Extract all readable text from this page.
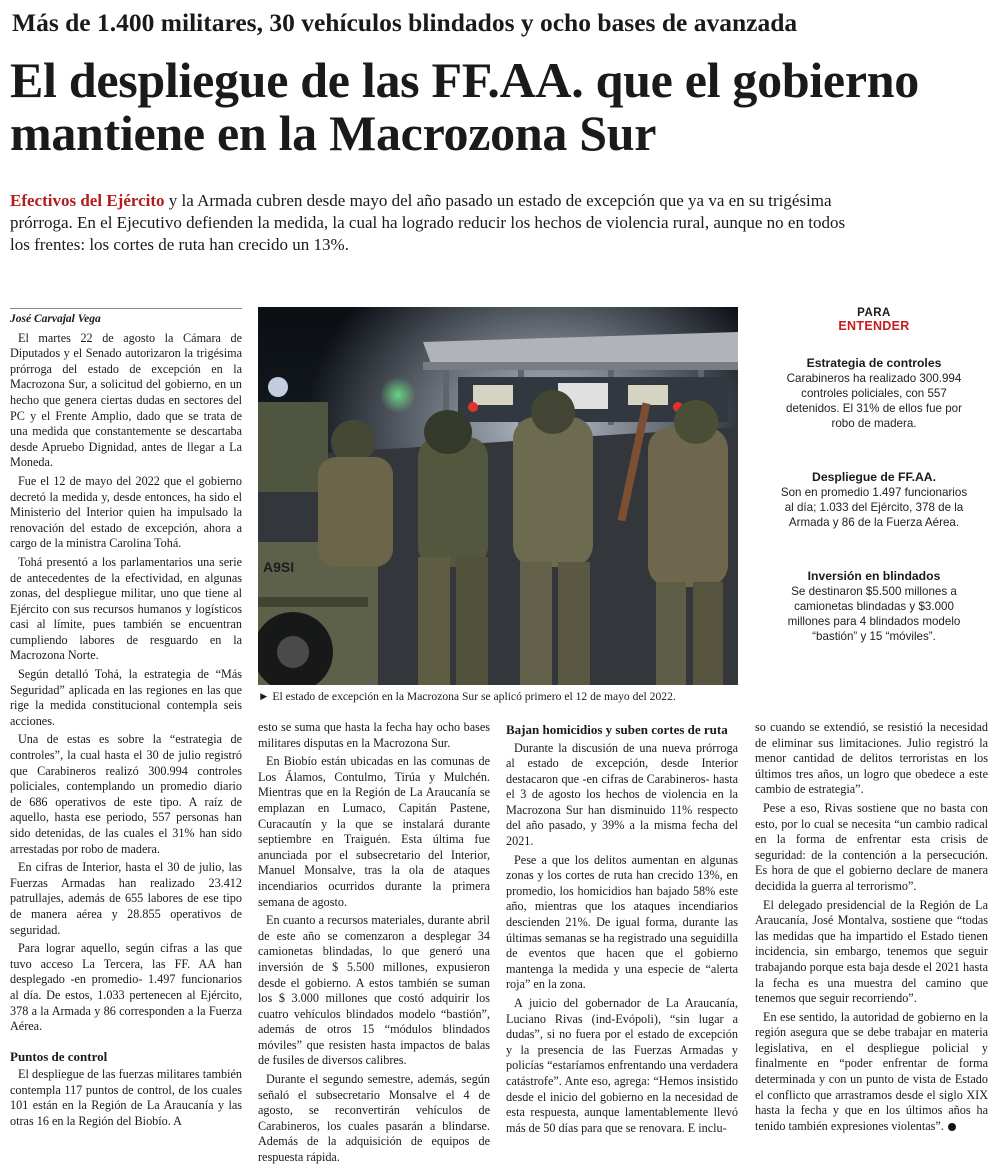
Más de 1.400 militares, 30 vehículos blindados y ocho bases de avanzada
El despliegue de las FF.AA. que el gobierno mantiene en la Macrozona Sur
Efectivos del Ejército y la Armada cubren desde mayo del año pasado un estado de excepción que ya va en su trigésima prórroga. En el Ejecutivo defienden la medida, la cual ha logrado reducir los hechos de violencia rural, aunque no en todos los frentes: los cortes de ruta han crecido un 13%.

José Carvajal Vega

El martes 22 de agosto la Cámara de Diputados y el Senado autorizaron la trigésima prórroga del estado de excepción en la Macrozona Sur, a solicitud del gobierno, en un hecho que genera ciertas dudas en sectores del PC y el Frente Amplio, dado que se trata de una medida que constantemente se descartaba desde Apruebo Dignidad, antes de llegar a La Moneda.

Fue el 12 de mayo del 2022 que el gobierno decretó la medida y, desde entonces, ha sido el Ministerio del Interior quien ha impulsado la renovación del estado de excepción, ahora a cargo de la ministra Carolina Tohá.

Tohá presentó a los parlamentarios una serie de antecedentes de la efectividad, en algunas zonas, del despliegue militar, uno que tiene al Ejército con sus recursos humanos y logísticos casi al límite, pues también se encuentran cumpliendo labores de resguardo en la Macrozona Norte.

Según detalló Tohá, la estrategia de “Más Seguridad” aplicada en las regiones en las que rige la medida constitucional contempla seis acciones.

Una de estas es sobre la “estrategia de controles”, la cual hasta el 30 de julio registró que Carabineros realizó 300.994 controles policiales, contemplando un promedio diario de 686 operativos de este tipo. A raíz de aquello, hasta ese periodo, 557 personas han sido detenidas, de las cuales el 31% han sido arrestadas por robo de madera.

En cifras de Interior, hasta el 30 de julio, las Fuerzas Armadas han realizado 23.412 patrullajes, además de 655 labores de ese tipo de manera aérea y 28.855 operativos de seguridad.

Para lograr aquello, según cifras a las que tuvo acceso La Tercera, las FF. AA han desplegado -en promedio- 1.497 funcionarios al día. De estos, 1.033 pertenecen al Ejército, 378 a la Armada y 86 corresponden a la Fuerza Aérea.

Puntos de control

El despliegue de las fuerzas militares también contempla 117 puntos de control, de los cuales 101 están en la Región de La Araucanía y las otras 16 en la Región del Biobío. A

A9SI
► El estado de excepción en la Macrozona Sur se aplicó primero el 12 de mayo del 2022.

esto se suma que hasta la fecha hay ocho bases militares disputas en la Macrozona Sur.

En Biobío están ubicadas en las comunas de Los Álamos, Contulmo, Tirúa y Mulchén. Mientras que en la Región de La Araucanía se emplazan en Lumaco, Capitán Pastene, Curacautín y la que se instalará durante septiembre en Traiguén. Esta última fue anunciada por el subsecretario del Interior, Manuel Monsalve, tras la ola de ataques incendiarios ocurridos durante la primera semana de agosto.

En cuanto a recursos materiales, durante abril de este año se comenzaron a desplegar 34 camionetas blindadas, lo que generó una inversión de $ 5.500 millones, expusieron desde el gobierno. A estos también se suman los $ 3.000 millones que costó adquirir los cuatro vehículos blindados modelo “bastión”, además de otros 15 “módulos blindados móviles” que resisten hasta impactos de balas de fusiles de diversos calibres.

Durante el segundo semestre, además, según señaló el subsecretario Monsalve el 4 de agosto, se reconvertirán vehículos de Carabineros, los cuales pasarán a blindarse. Además de la adquisición de equipos de respuesta rápida.

Bajan homicidios y suben cortes de ruta

Durante la discusión de una nueva prórroga al estado de excepción, desde Interior destacaron que -en cifras de Carabineros- hasta el 3 de agosto los hechos de violencia en la Macrozona Sur han disminuido 11% respecto del año pasado, y 39% a la misma fecha del 2021.

Pese a que los delitos aumentan en algunas zonas y los cortes de ruta han crecido 13%, en promedio, los homicidios han bajado 58% este año, mientras que los ataques incendiarios descienden 21%. De igual forma, durante las últimas semanas se ha registrado una seguidilla de eventos que hacen que el gobierno mantenga la medida y una especie de “alerta roja” en la zona.

A juicio del gobernador de La Araucanía, Luciano Rivas (ind-Evópoli), “sin lugar a dudas”, si no fuera por el estado de excepción y la presencia de las Fuerzas Armadas y policías “estaríamos enfrentando una verdadera catástrofe”. Ante eso, agrega: “Hemos insistido desde el inicio del gobierno en la necesidad de esta respuesta, aunque lamentablemente llevó más de 50 días para que se renovara. E inclu-

so cuando se extendió, se resistió la necesidad de eliminar sus limitaciones. Julio registró la menor cantidad de delitos terroristas en los últimos tres años, un logro que obedece a este cambio de estrategia”.

Pese a eso, Rivas sostiene que no basta con esto, por lo cual se necesita “un cambio radical en la forma de enfrentar esta crisis de seguridad: de la contención a la persecución. Es hora de que el gobierno declare de manera decidida la guerra al terrorismo”.

El delegado presidencial de la Región de La Araucanía, José Montalva, sostiene que “todas las medidas que ha impartido el Estado tienen incidencia, sin embargo, tenemos que seguir trabajando porque esta baja desde el 2021 hasta la fecha es una muestra del camino que tenemos que seguir recorriendo”.

En ese sentido, la autoridad de gobierno en la región asegura que se debe trabajar en materia legislativa, en el despliegue policial y finalmente en “poder enfrentar de forma determinada y con un punto de vista de Estado el conflicto que arrastramos desde el siglo XIX hasta la fecha y que en los últimos años ha tenido también expresiones violentas”.

PARA
ENTENDER
Estrategia de controles
Carabineros ha realizado 300.994 controles policiales, con 557 detenidos. El 31% de ellos fue por robo de madera.
Despliegue de FF.AA.
Son en promedio 1.497 funcionarios al día; 1.033 del Ejército, 378 de la Armada y 86 de la Fuerza Aérea.
Inversión en blindados
Se destinaron $5.500 millones a camionetas blindadas y $3.000 millones para 4 blindados modelo “bastión” y 15 “móviles”.
